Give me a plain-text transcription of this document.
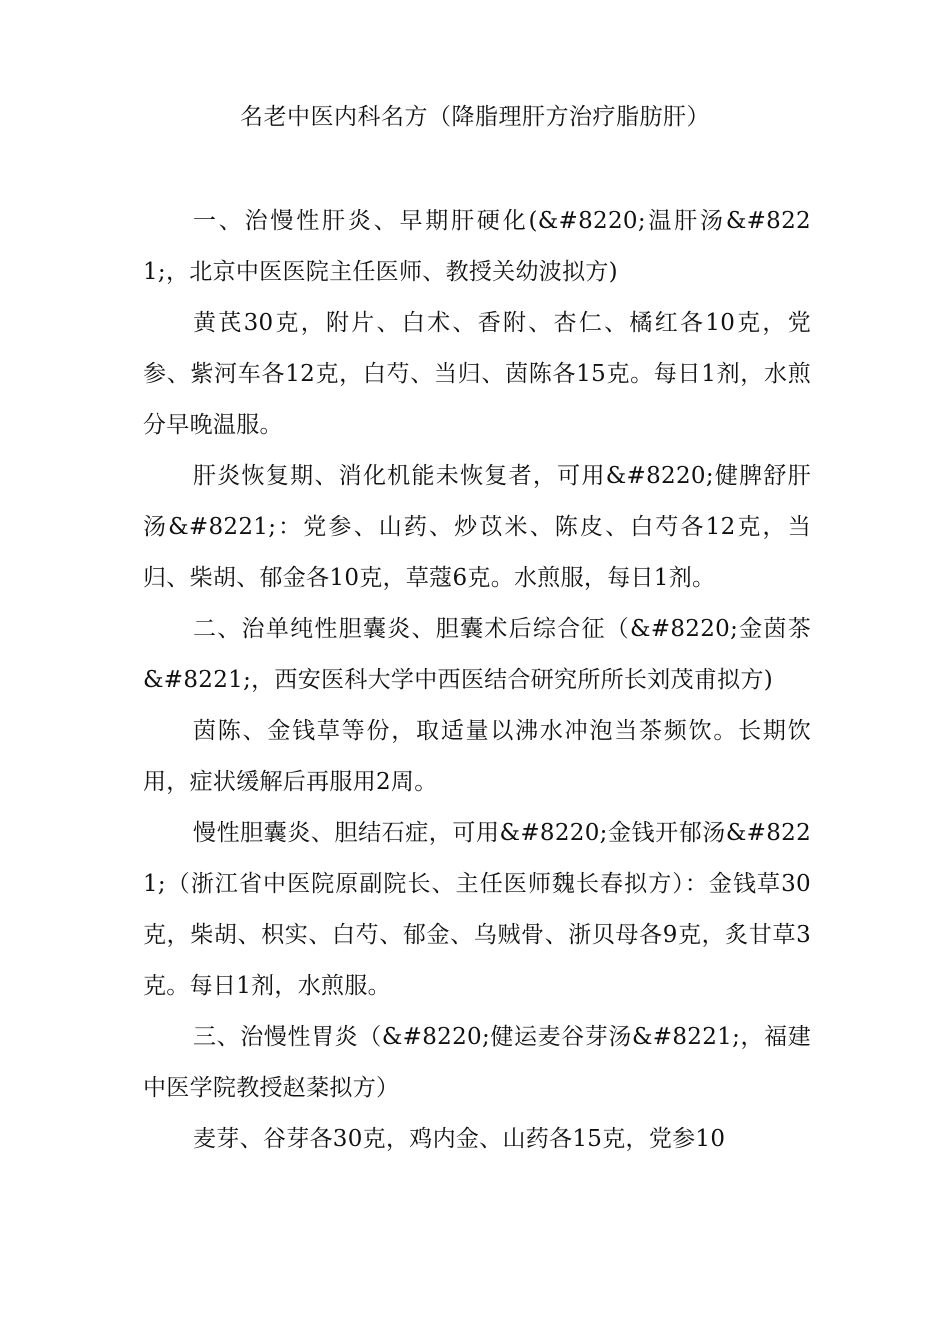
名老中医内科名方（降脂理肝方治疗脂肪肝）

一、治慢性肝炎、早期肝硬化(&#8220;温肝汤&#8221;，北京中医医院主任医师、教授关幼波拟方)

黄芪30克，附片、白术、香附、杏仁、橘红各10克，党参、紫河车各12克，白芍、当归、茵陈各15克。每日1剂，水煎分早晚温服。

肝炎恢复期、消化机能未恢复者，可用&#8220;健脾舒肝汤&#8221;：党参、山药、炒苡米、陈皮、白芍各12克，当归、柴胡、郁金各10克，草蔻6克。水煎服，每日1剂。

二、治单纯性胆囊炎、胆囊术后综合征（&#8220;金茵茶&#8221;，西安医科大学中西医结合研究所所长刘茂甫拟方)

茵陈、金钱草等份，取适量以沸水冲泡当茶频饮。长期饮用，症状缓解后再服用2周。

慢性胆囊炎、胆结石症，可用&#8220;金钱开郁汤&#8221;（浙江省中医院原副院长、主任医师魏长春拟方）：金钱草30克，柴胡、枳实、白芍、郁金、乌贼骨、浙贝母各9克，炙甘草3克。每日1剂，水煎服。

三、治慢性胃炎（&#8220;健运麦谷芽汤&#8221;，福建中医学院教授赵棻拟方）

麦芽、谷芽各30克，鸡内金、山药各15克，党参10
